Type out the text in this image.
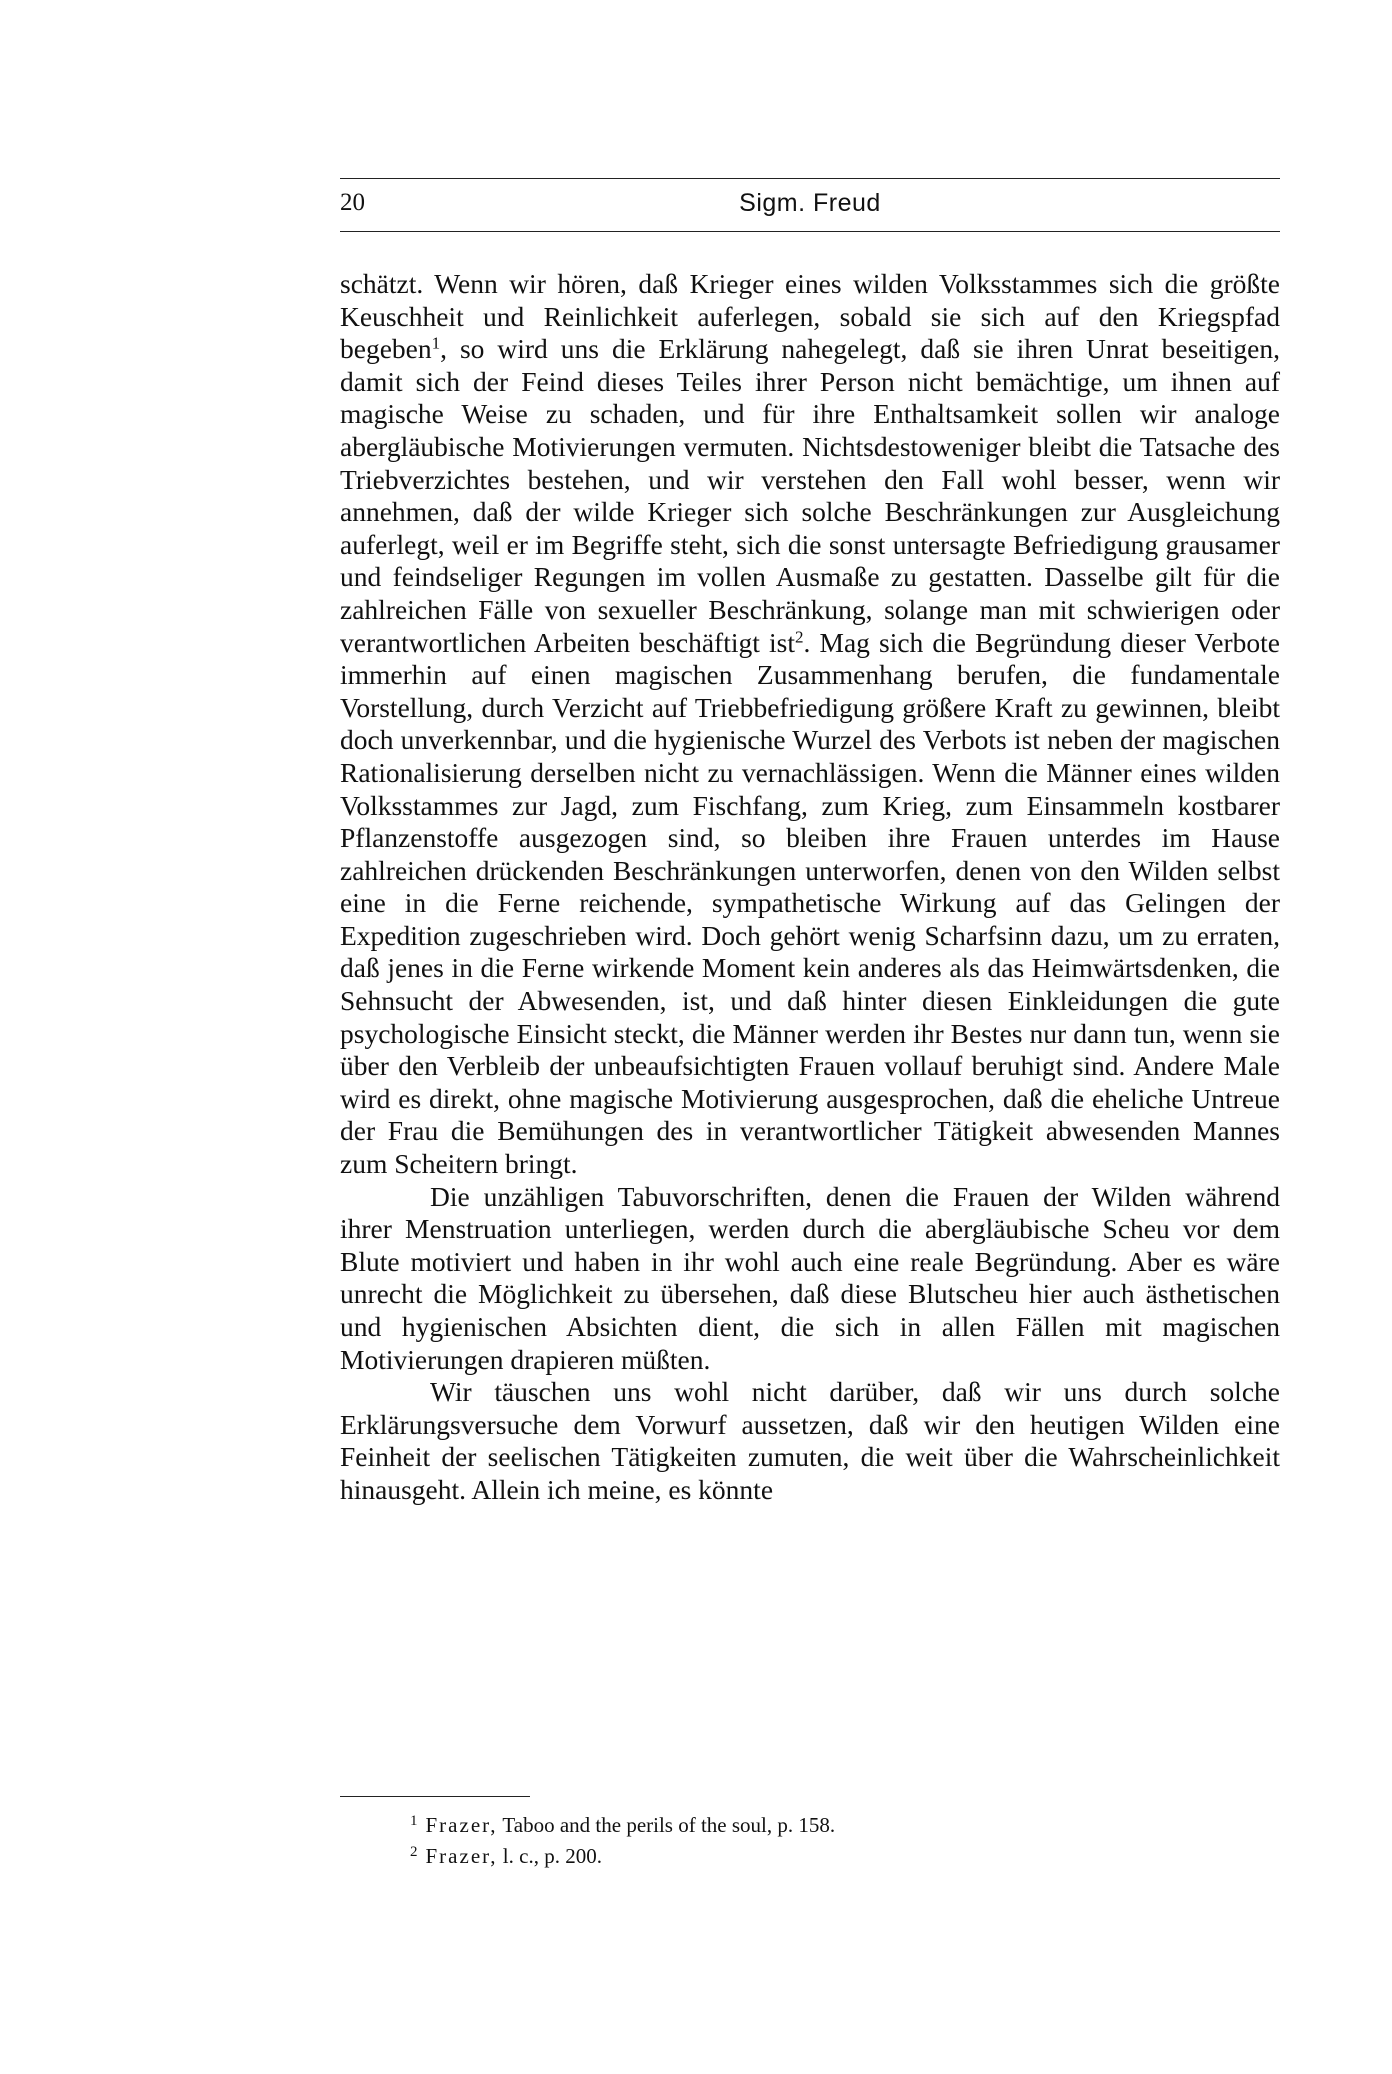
20	Sigm. Freud

schätzt. Wenn wir hören, daß Krieger eines wilden Volksstammes sich die größte Keuschheit und Reinlichkeit auferlegen, sobald sie sich auf den Kriegspfad begeben$^1$, so wird uns die Erklärung nahegelegt, daß sie ihren Unrat beseitigen, damit sich der Feind dieses Teiles ihrer Person nicht bemächtige, um ihnen auf magische Weise zu schaden, und für ihre Enthaltsamkeit sollen wir analoge abergläubische Motivierungen vermuten. Nichtsdestoweniger bleibt die Tatsache des Triebverzichtes bestehen, und wir verstehen den Fall wohl besser, wenn wir annehmen, daß der wilde Krieger sich solche Beschränkungen zur Ausgleichung auferlegt, weil er im Begriffe steht, sich die sonst untersagte Befriedigung grausamer und feindseliger Regungen im vollen Ausmaße zu gestatten. Dasselbe gilt für die zahlreichen Fälle von sexueller Beschränkung, solange man mit schwierigen oder verantwortlichen Arbeiten beschäftigt ist$^2$. Mag sich die Begründung dieser Verbote immerhin auf einen magischen Zusammenhang berufen, die fundamentale Vorstellung, durch Verzicht auf Triebbefriedigung größere Kraft zu gewinnen, bleibt doch unverkennbar, und die hygienische Wurzel des Verbots ist neben der magischen Rationalisierung derselben nicht zu vernachlässigen. Wenn die Männer eines wilden Volksstammes zur Jagd, zum Fischfang, zum Krieg, zum Einsammeln kostbarer Pflanzenstoffe ausgezogen sind, so bleiben ihre Frauen unterdes im Hause zahlreichen drückenden Beschränkungen unterworfen, denen von den Wilden selbst eine in die Ferne reichende, sympathetische Wirkung auf das Gelingen der Expedition zugeschrieben wird. Doch gehört wenig Scharfsinn dazu, um zu erraten, daß jenes in die Ferne wirkende Moment kein anderes als das Heimwärtsdenken, die Sehnsucht der Abwesenden, ist, und daß hinter diesen Einkleidungen die gute psychologische Einsicht steckt, die Männer werden ihr Bestes nur dann tun, wenn sie über den Verbleib der unbeaufsichtigten Frauen vollauf beruhigt sind. Andere Male wird es direkt, ohne magische Motivierung ausgesprochen, daß die eheliche Untreue der Frau die Bemühungen des in verantwortlicher Tätigkeit abwesenden Mannes zum Scheitern bringt.

Die unzähligen Tabuvorschriften, denen die Frauen der Wilden während ihrer Menstruation unterliegen, werden durch die abergläubische Scheu vor dem Blute motiviert und haben in ihr wohl auch eine reale Begründung. Aber es wäre unrecht die Möglichkeit zu übersehen, daß diese Blutscheu hier auch ästhetischen und hygienischen Absichten dient, die sich in allen Fällen mit magischen Motivierungen drapieren müßten.

Wir täuschen uns wohl nicht darüber, daß wir uns durch solche Erklärungsversuche dem Vorwurf aussetzen, daß wir den heutigen Wilden eine Feinheit der seelischen Tätigkeiten zumuten, die weit über die Wahrscheinlichkeit hinausgeht. Allein ich meine, es könnte

$^1$ Frazer, Taboo and the perils of the soul, p. 158.
$^2$ Frazer, l. c., p. 200.
